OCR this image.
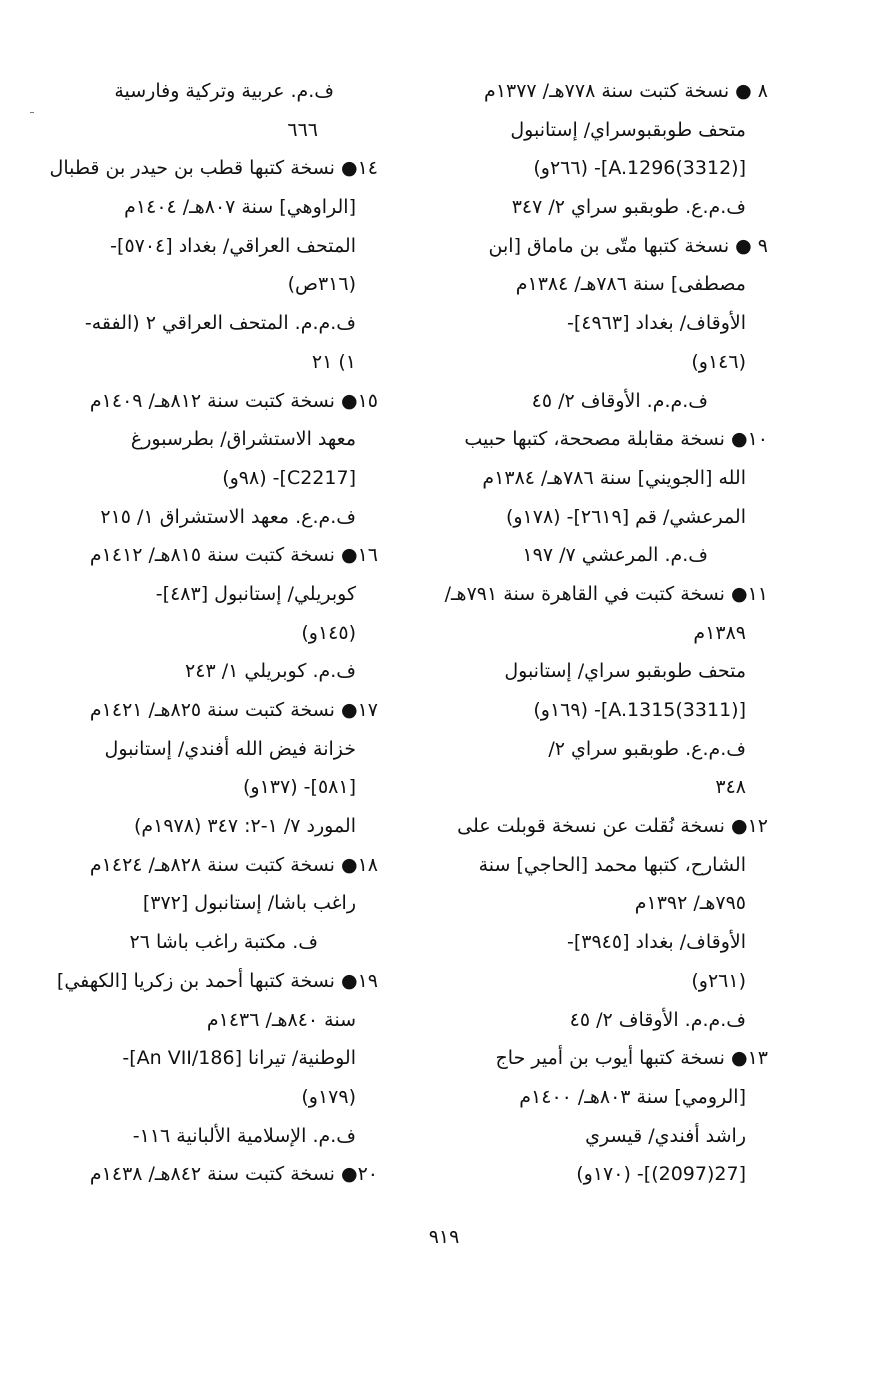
٨ ● نسخة كتبت سنة ٧٧٨هـ/ ١٣٧٧م
متحف طوبقبوسراي/ إستانبول
[A.1296(3312)]- (٢٦٦و)
ف.م.ع. طوبقبو سراي ٢/ ٣٤٧
٩ ● نسخة كتبها متّى بن ماماق [ابن
مصطفى] سنة ٧٨٦هـ/ ١٣٨٤م
الأوقاف/ بغداد [٤٩٦٣]-
(١٤٦و)
ف.م.م. الأوقاف ٢/ ٤٥
١٠● نسخة مقابلة مصححة، كتبها حبيب
الله [الجويني] سنة ٧٨٦هـ/ ١٣٨٤م
المرعشي/ قم [٢٦١٩]- (١٧٨و)
ف.م. المرعشي ٧/ ١٩٧
١١● نسخة كتبت في القاهرة سنة ٧٩١هـ/
١٣٨٩م
متحف طوبقبو سراي/ إستانبول
[A.1315(3311)]- (١٦٩و)
ف.م.ع. طوبقبو سراي ٢/
٣٤٨
١٢● نسخة نُقلت عن نسخة قوبلت على
الشارح، كتبها محمد [الحاجي] سنة
٧٩٥هـ/ ١٣٩٢م
الأوقاف/ بغداد [٣٩٤٥]-
(٢٦١و)
ف.م.م. الأوقاف ٢/ ٤٥
١٣● نسخة كتبها أيوب بن أمير حاج
[الرومي] سنة ٨٠٣هـ/ ١٤٠٠م
راشد أفندي/ قيسري
[27(2097)]- (١٧٠و)
ف.م. عربية وتركية وفارسية
٦٦٦
١٤● نسخة كتبها قطب بن حيدر بن قطبال
[الراوهي] سنة ٨٠٧هـ/ ١٤٠٤م
المتحف العراقي/ بغداد [٥٧٠٤]-
(٣١٦ص)
ف.م.م. المتحف العراقي ٢ (الفقه-
١) ٢١
١٥● نسخة كتبت سنة ٨١٢هـ/ ١٤٠٩م
معهد الاستشراق/ بطرسبورغ
[C2217]- (٩٨و)
ف.م.ع. معهد الاستشراق ١/ ٢١٥
١٦● نسخة كتبت سنة ٨١٥هـ/ ١٤١٢م
كوبريلي/ إستانبول [٤٨٣]-
(١٤٥و)
ف.م. كوبريلي ١/ ٢٤٣
١٧● نسخة كتبت سنة ٨٢٥هـ/ ١٤٢١م
خزانة فيض الله أفندي/ إستانبول
[٥٨١]- (١٣٧و)
المورد ٧/ ١-٢: ٣٤٧ (١٩٧٨م)
١٨● نسخة كتبت سنة ٨٢٨هـ/ ١٤٢٤م
راغب باشا/ إستانبول [٣٧٢]
ف. مكتبة راغب باشا ٢٦
١٩● نسخة كتبها أحمد بن زكريا [الكهفي]
سنة ٨٤٠هـ/ ١٤٣٦م
الوطنية/ تيرانا [An VII/186]-
(١٧٩و)
ف.م. الإسلامية الألبانية ١١٦-
٢٠● نسخة كتبت سنة ٨٤٢هـ/ ١٤٣٨م
٩١٩
